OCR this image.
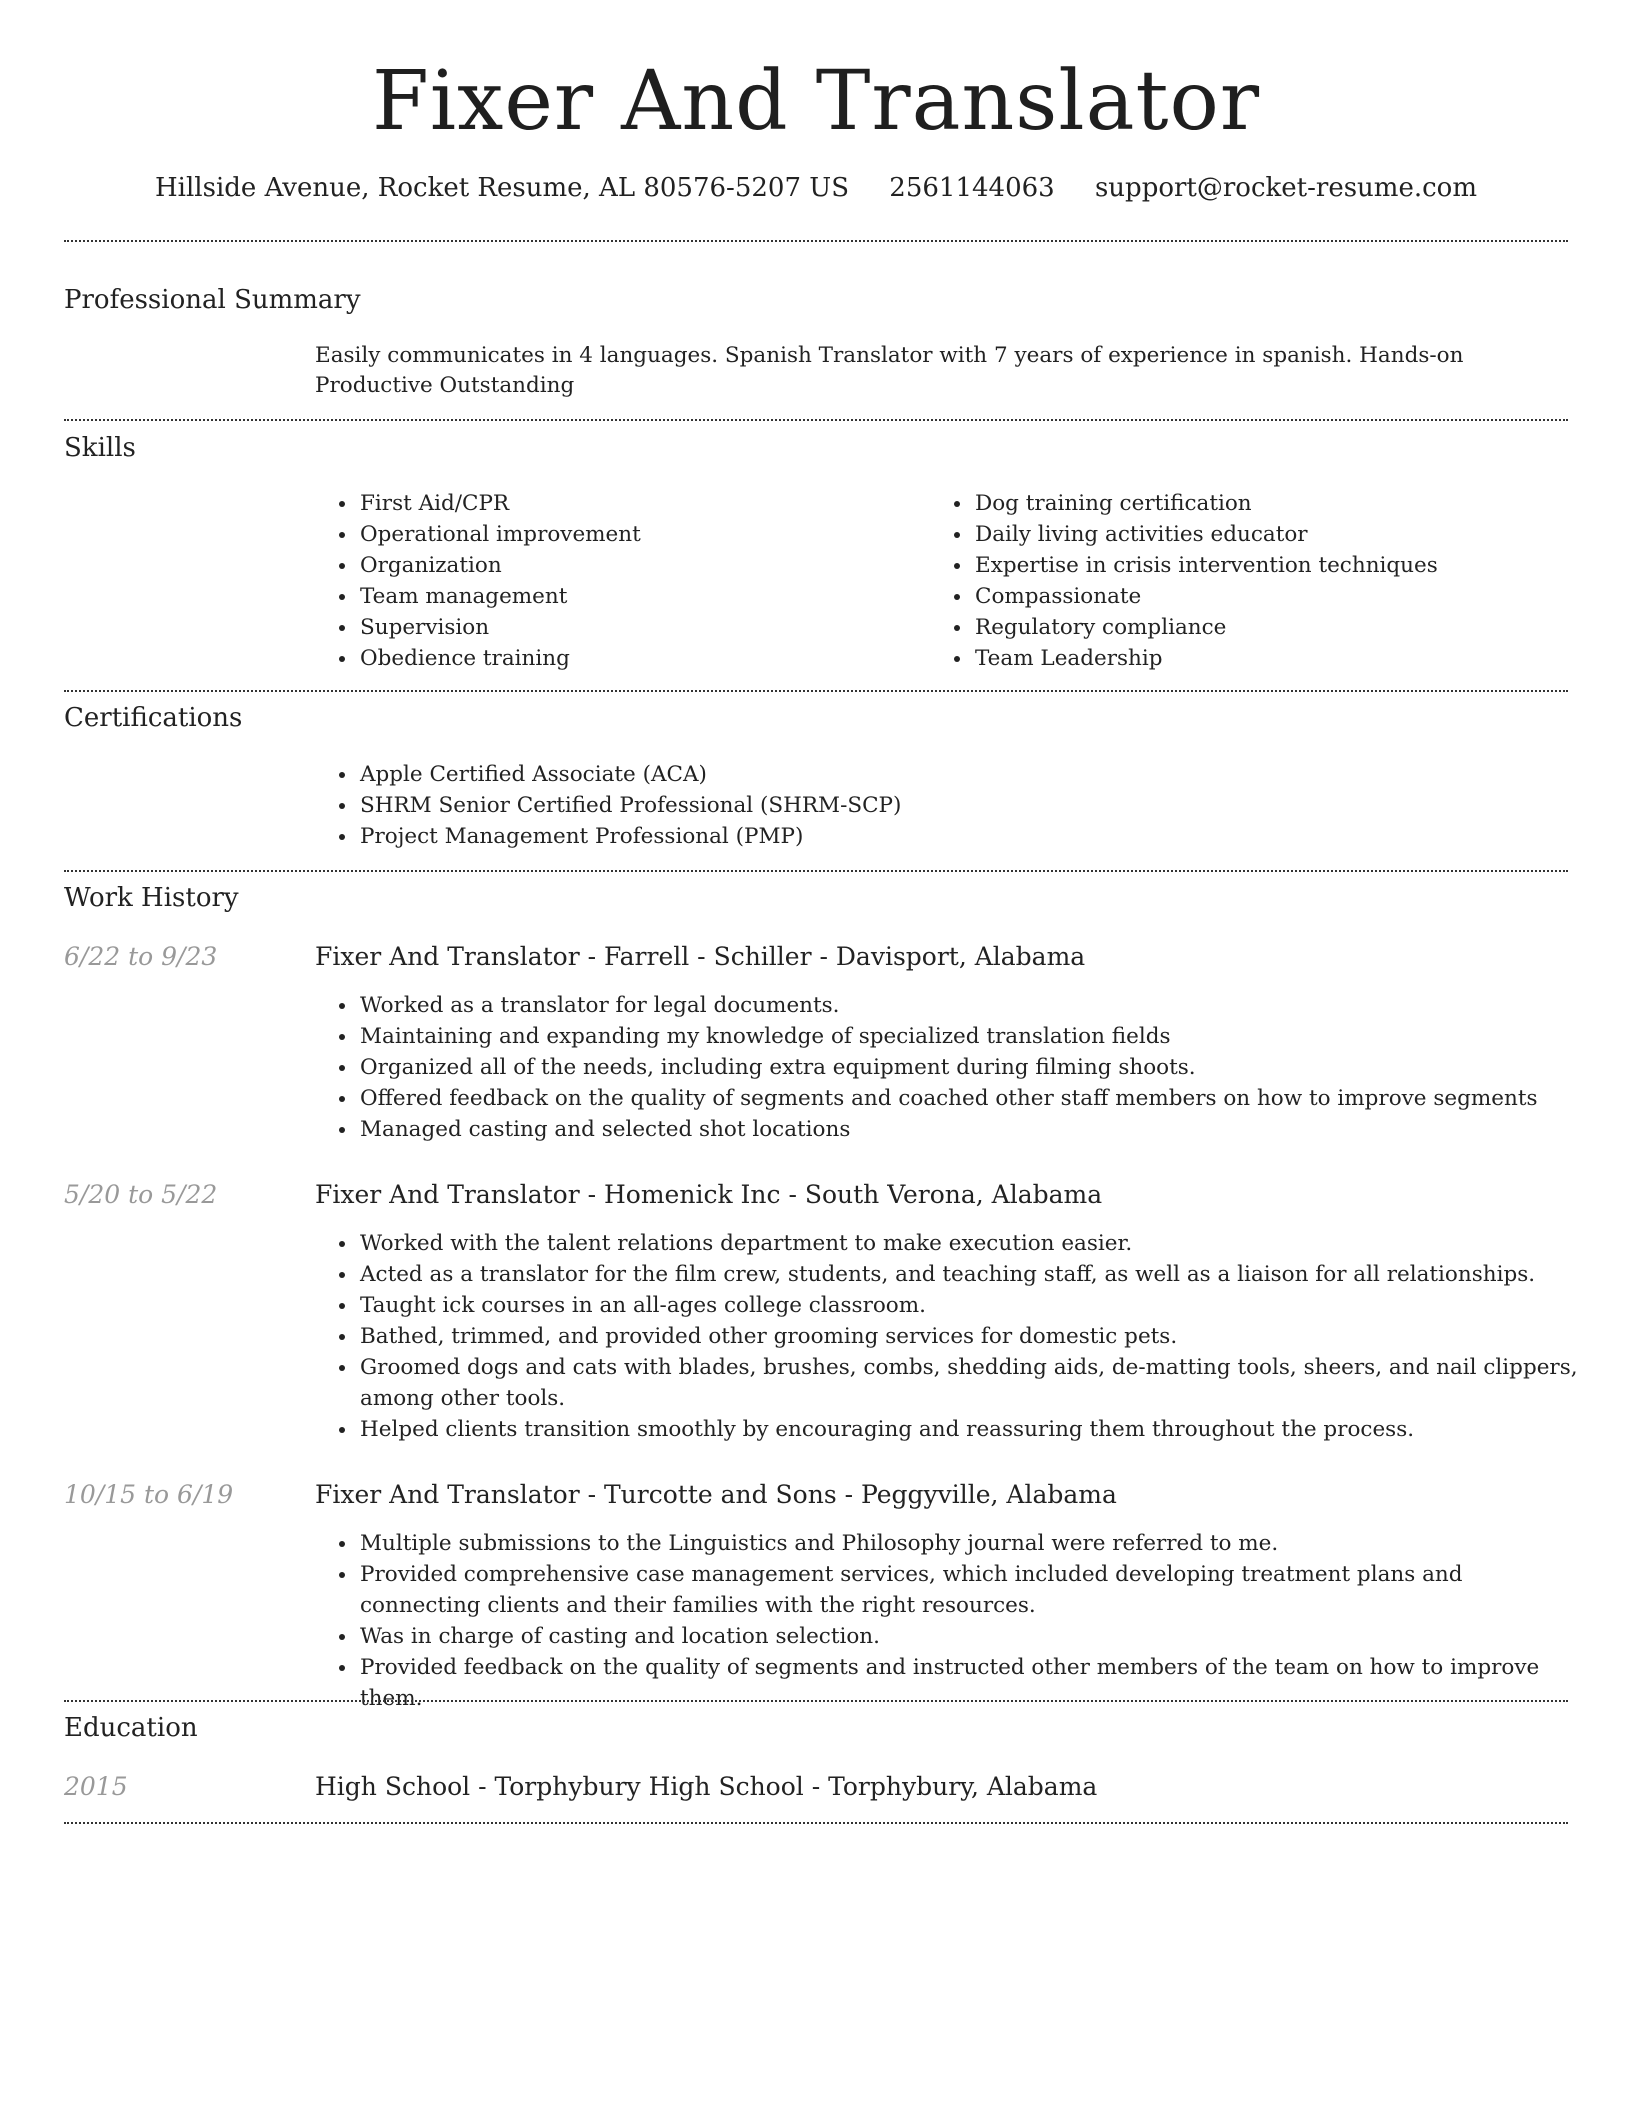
Fixer And Translator
Hillside Avenue, Rocket Resume, AL 80576-5207 US 2561144063 support@rocket-resume.com
Professional Summary
Easily communicates in 4 languages. Spanish Translator with 7 years of experience in spanish. Hands-on Productive Outstanding
Skills
• First Aid/CPR
• Operational improvement
• Organization
• Team management
• Supervision
• Obedience training
• Dog training certification
• Daily living activities educator
• Expertise in crisis intervention techniques
• Compassionate
• Regulatory compliance
• Team Leadership
Certifications
• Apple Certified Associate (ACA)
• SHRM Senior Certified Professional (SHRM-SCP)
• Project Management Professional (PMP)
Work History
6/22 to 9/23	Fixer And Translator - Farrell - Schiller - Davisport, Alabama
• Worked as a translator for legal documents.
• Maintaining and expanding my knowledge of specialized translation fields
• Organized all of the needs, including extra equipment during filming shoots.
• Offered feedback on the quality of segments and coached other staff members on how to improve segments
• Managed casting and selected shot locations
5/20 to 5/22	Fixer And Translator - Homenick Inc - South Verona, Alabama
• Worked with the talent relations department to make execution easier.
• Acted as a translator for the film crew, students, and teaching staff, as well as a liaison for all relationships.
• Taught ick courses in an all-ages college classroom.
• Bathed, trimmed, and provided other grooming services for domestic pets.
• Groomed dogs and cats with blades, brushes, combs, shedding aids, de-matting tools, sheers, and nail clippers, among other tools.
• Helped clients transition smoothly by encouraging and reassuring them throughout the process.
10/15 to 6/19	Fixer And Translator - Turcotte and Sons - Peggyville, Alabama
• Multiple submissions to the Linguistics and Philosophy journal were referred to me.
• Provided comprehensive case management services, which included developing treatment plans and connecting clients and their families with the right resources.
• Was in charge of casting and location selection.
• Provided feedback on the quality of segments and instructed other members of the team on how to improve them.
Education
2015	High School - Torphybury High School - Torphybury, Alabama
